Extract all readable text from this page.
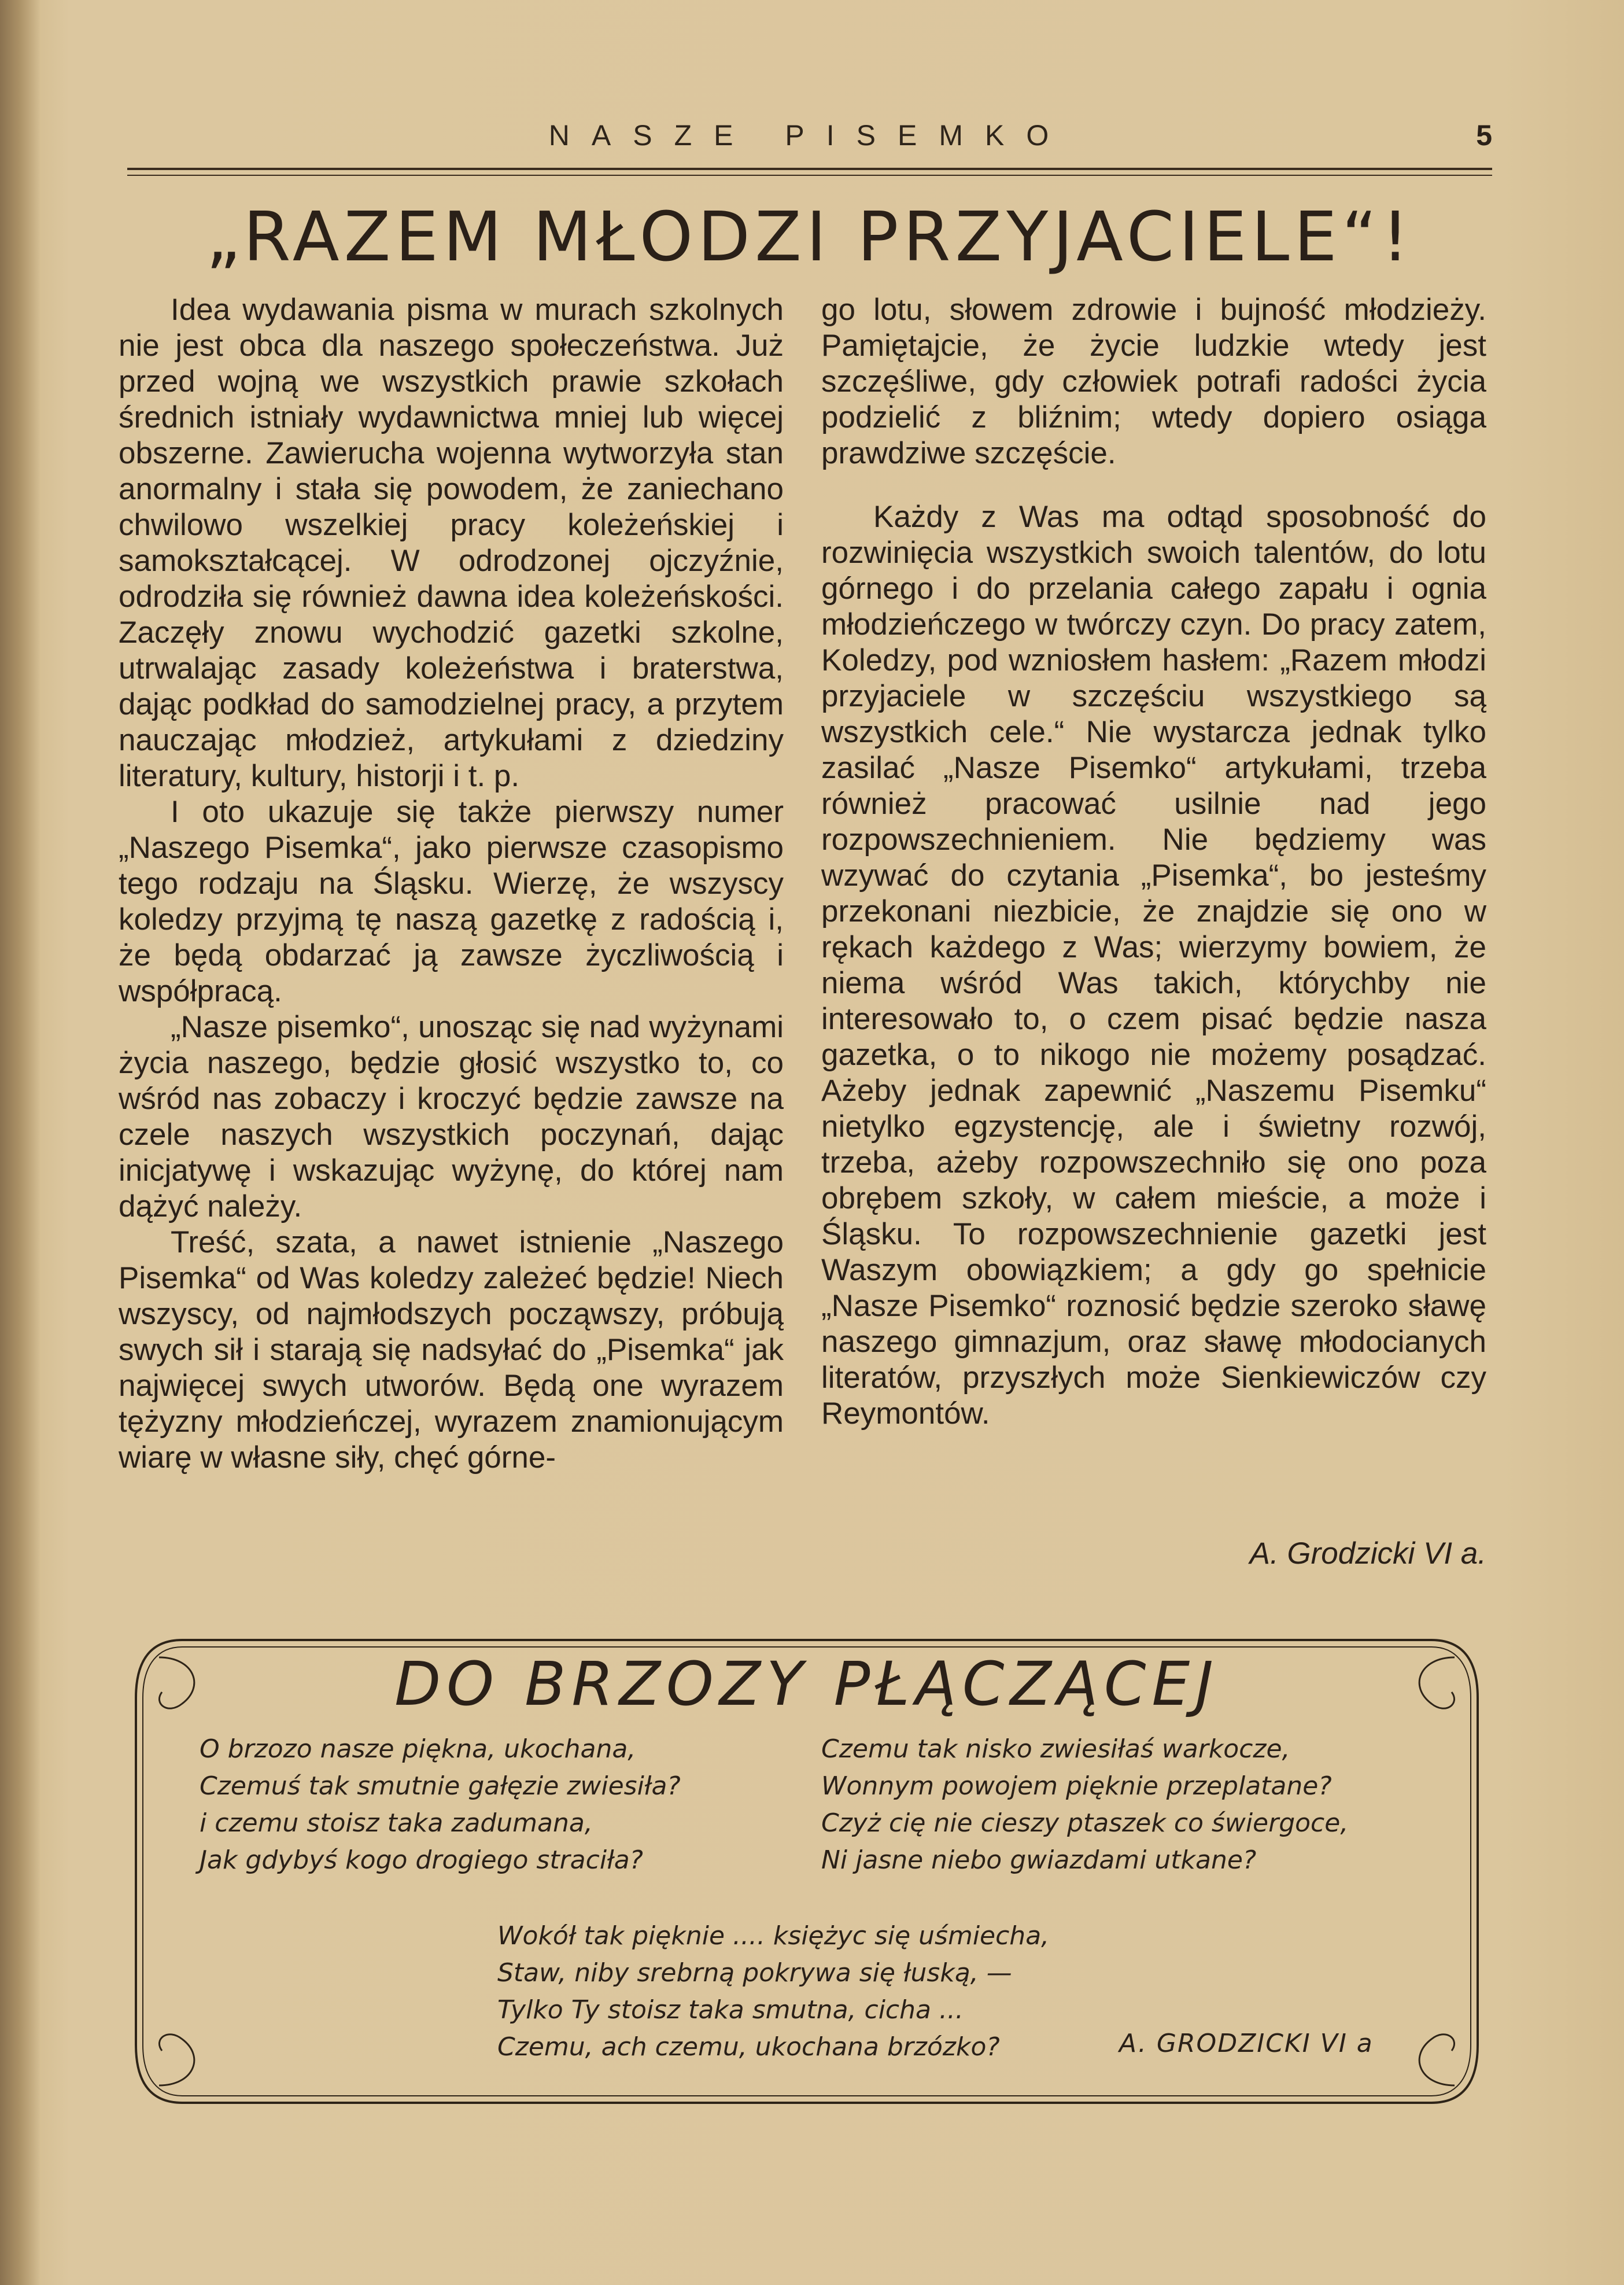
NASZE PISEMKO	5
„RAZEM MŁODZI PRZYJACIELE“!

Idea wydawania pisma w murach szkolnych nie jest obca dla naszego społeczeństwa. Już przed wojną we wszystkich prawie szkołach średnich istniały wydawnictwa mniej lub więcej obszerne. Zawierucha wojenna wytworzyła stan anormalny i stała się powodem, że zaniechano chwilowo wszelkiej pracy koleżeńskiej i samokształcącej. W odrodzonej ojczyźnie, odrodziła się również dawna idea koleżeńskości. Zaczęły znowu wychodzić gazetki szkolne, utrwalając zasady koleżeństwa i braterstwa, dając podkład do samodzielnej pracy, a przytem nauczając młodzież, artykułami z dziedziny literatury, kultury, historji i t. p.

I oto ukazuje się także pierwszy numer „Naszego Pisemka“, jako pierwsze czasopismo tego rodzaju na Śląsku. Wierzę, że wszyscy koledzy przyjmą tę naszą gazetkę z radością i, że będą obdarzać ją zawsze życzliwością i współpracą.

„Nasze pisemko“, unosząc się nad wyżynami życia naszego, będzie głosić wszystko to, co wśród nas zobaczy i kroczyć będzie zawsze na czele naszych wszystkich poczynań, dając inicjatywę i wskazując wyżynę, do której nam dążyć należy.

Treść, szata, a nawet istnienie „Naszego Pisemka“ od Was koledzy zależeć będzie! Niech wszyscy, od najmłodszych począwszy, próbują swych sił i starają się nadsyłać do „Pisemka“ jak najwięcej swych utworów. Będą one wyrazem tężyzny młodzieńczej, wyrazem znamionującym wiarę w własne siły, chęć górne-

go lotu, słowem zdrowie i bujność młodzieży. Pamiętajcie, że życie ludzkie wtedy jest szczęśliwe, gdy człowiek potrafi radości życia podzielić z bliźnim; wtedy dopiero osiąga prawdziwe szczęście.

Każdy z Was ma odtąd sposobność do rozwinięcia wszystkich swoich talentów, do lotu górnego i do przelania całego zapału i ognia młodzieńczego w twórczy czyn. Do pracy zatem, Koledzy, pod wzniosłem hasłem: „Razem młodzi przyjaciele w szczęściu wszystkiego są wszystkich cele.“ Nie wystarcza jednak tylko zasilać „Nasze Pisemko“ artykułami, trzeba również pracować usilnie nad jego rozpowszechnieniem. Nie będziemy was wzywać do czytania „Pisemka“, bo jesteśmy przekonani niezbicie, że znajdzie się ono w rękach każdego z Was; wierzymy bowiem, że niema wśród Was takich, którychby nie interesowało to, o czem pisać będzie nasza gazetka, o to nikogo nie możemy posądzać. Ażeby jednak zapewnić „Naszemu Pisemku“ nietylko egzystencję, ale i świetny rozwój, trzeba, ażeby rozpowszechniło się ono poza obrębem szkoły, w całem mieście, a może i Śląsku. To rozpowszechnienie gazetki jest Waszym obowiązkiem; a gdy go spełnicie „Nasze Pisemko“ roznosić będzie szeroko sławę naszego gimnazjum, oraz sławę młodocianych literatów, przyszłych może Sienkiewiczów czy Reymontów.

A. Grodzicki VI a.
DO BRZOZY PŁĄCZĄCEJ
O brzozo nasze piękna, ukochana,
Czemuś tak smutnie gałęzie zwiesiła?
i czemu stoisz taka zadumana,
Jak gdybyś kogo drogiego straciła?
Czemu tak nisko zwiesiłaś warkocze,
Wonnym powojem pięknie przeplatane?
Czyż cię nie cieszy ptaszek co świergoce,
Ni jasne niebo gwiazdami utkane?
Wokół tak pięknie .... księżyc się uśmiecha,
Staw, niby srebrną pokrywa się łuską, —
Tylko Ty stoisz taka smutna, cicha ...
Czemu, ach czemu, ukochana brzózko?	A. GRODZICKI VI a
